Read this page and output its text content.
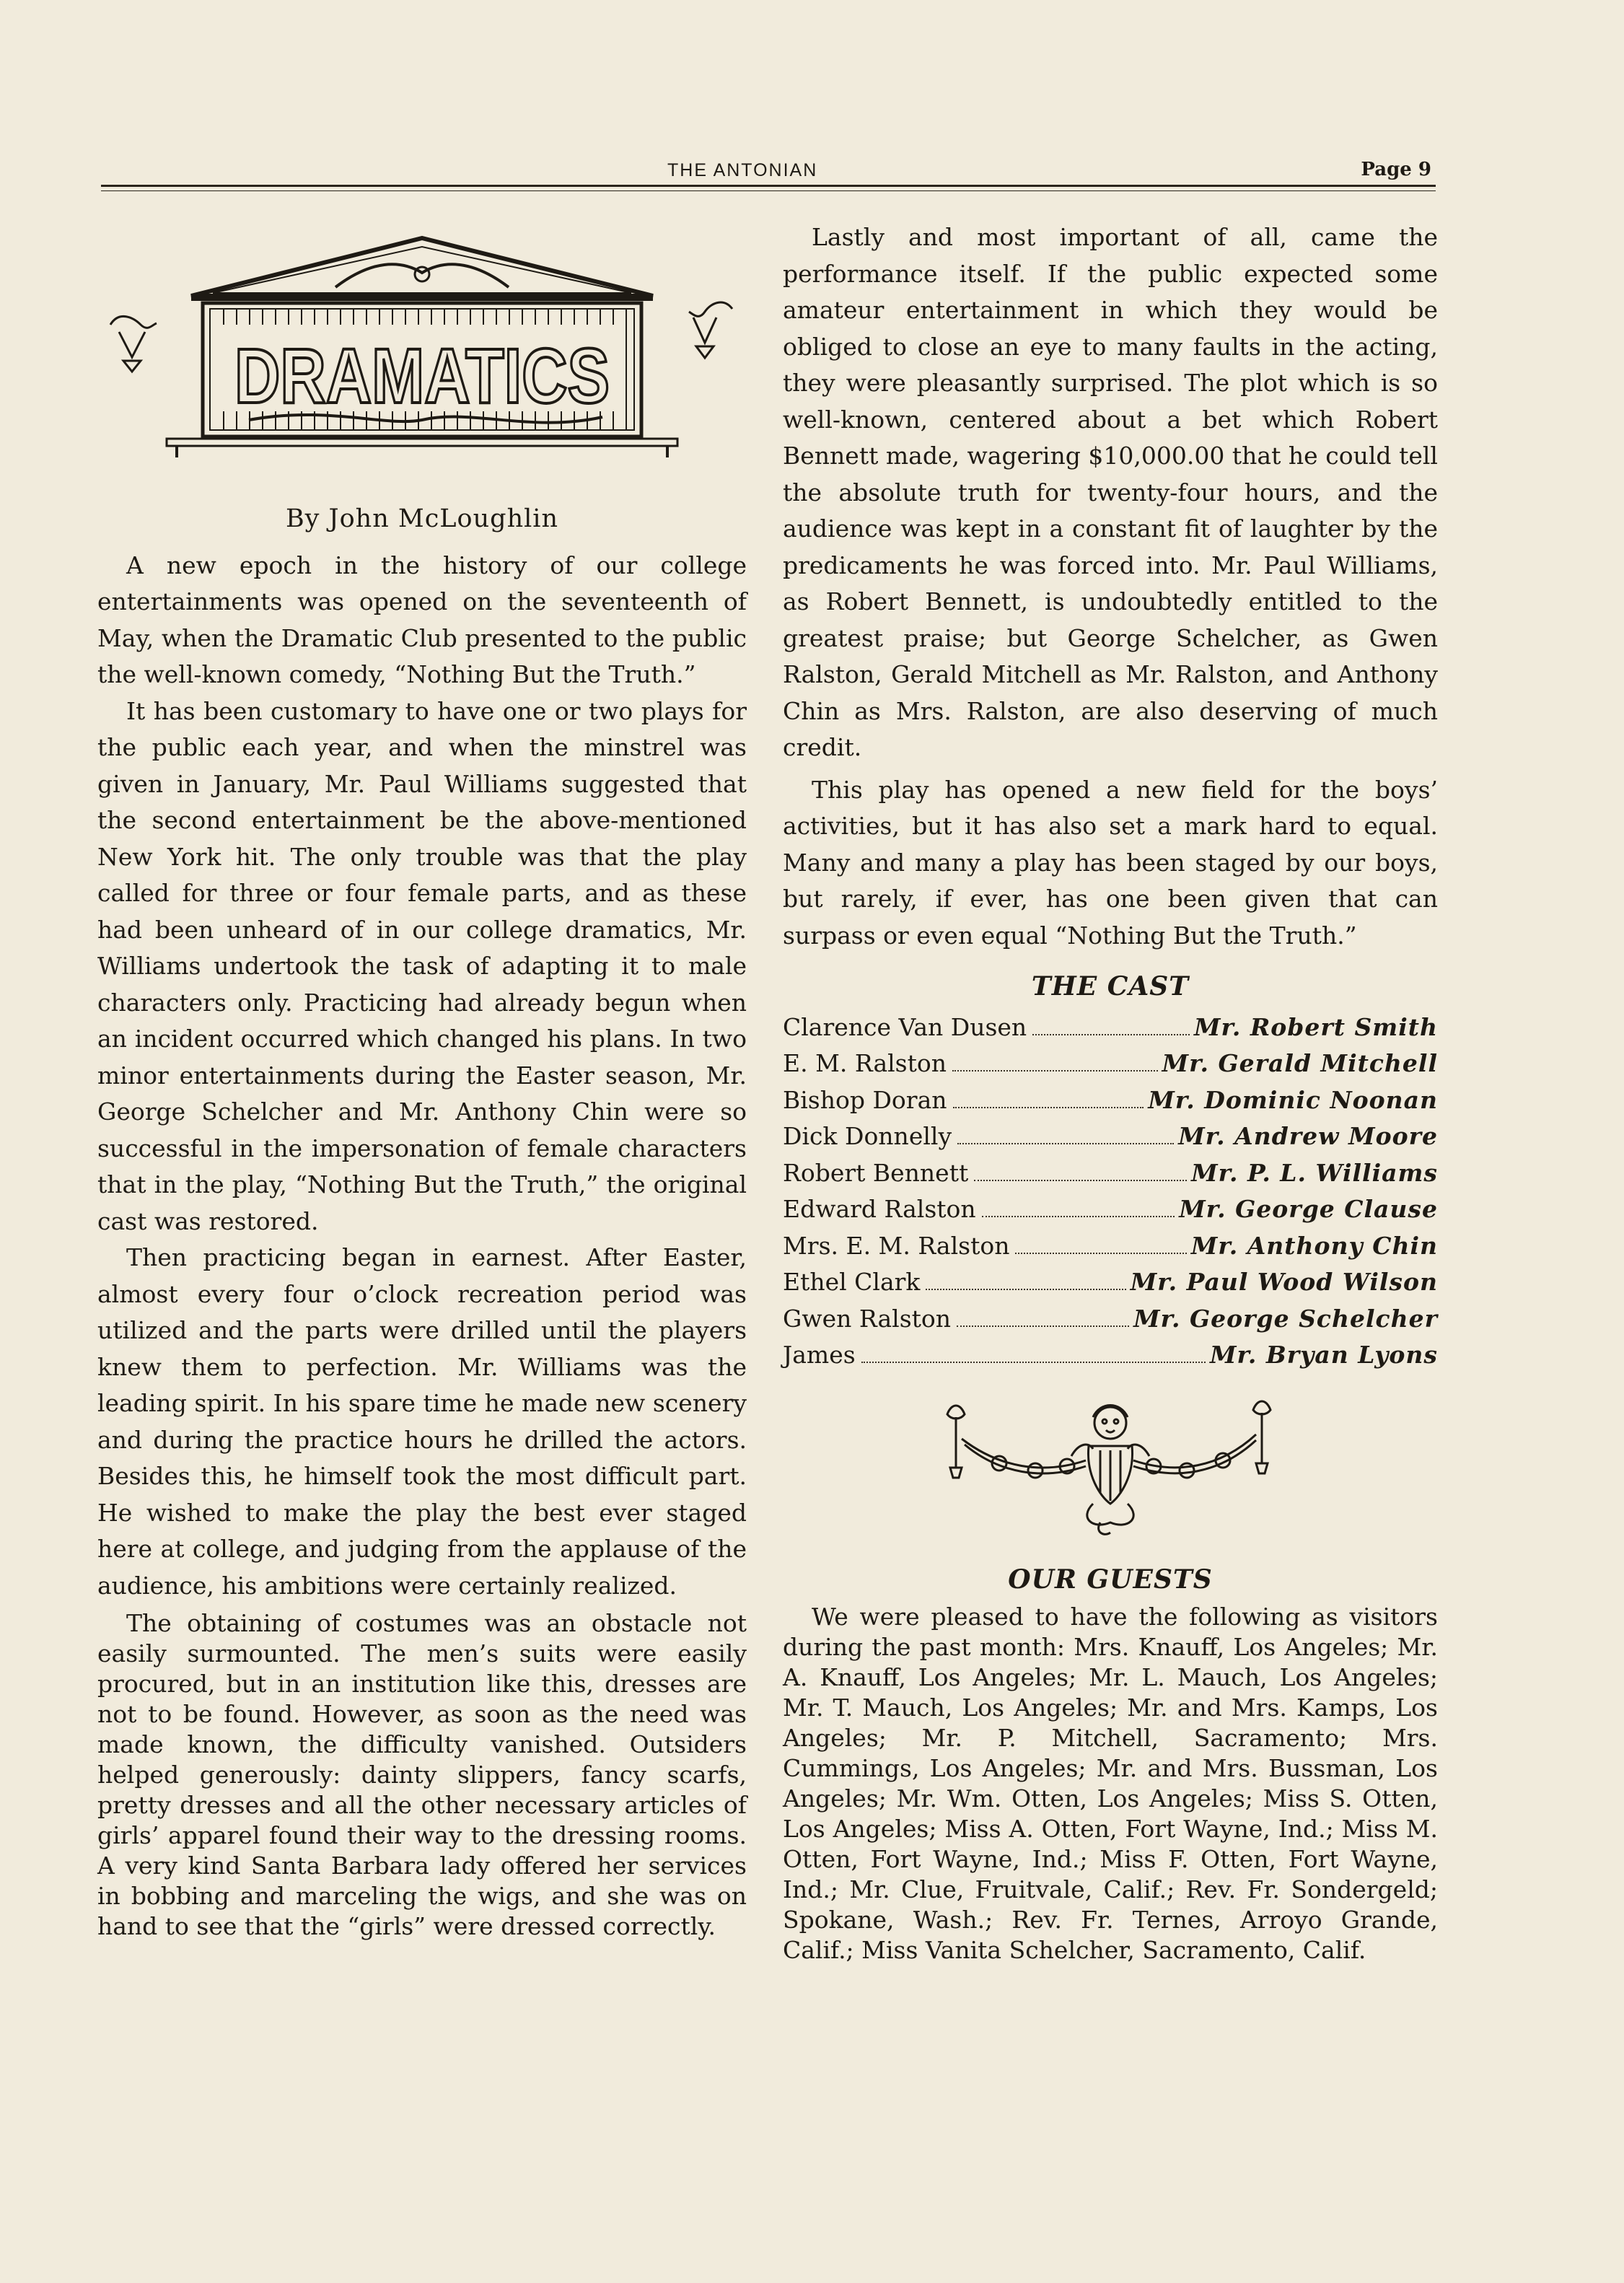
THE ANTONIAN	Page 9
DRAMATICS
By John McLoughlin

A new epoch in the history of our college entertainments was opened on the seventeenth of May, when the Dramatic Club presented to the public the well-known comedy, “Nothing But the Truth.”

It has been customary to have one or two plays for the public each year, and when the minstrel was given in January, Mr. Paul Williams suggested that the second entertainment be the above-mentioned New York hit. The only trouble was that the play called for three or four female parts, and as these had been unheard of in our college dramatics, Mr. Williams undertook the task of adapting it to male characters only. Practicing had already begun when an incident occurred which changed his plans. In two minor entertainments during the Easter season, Mr. George Schelcher and Mr. Anthony Chin were so successful in the impersonation of female characters that in the play, “Nothing But the Truth,” the original cast was restored.

Then practicing began in earnest. After Easter, almost every four o’clock recreation period was utilized and the parts were drilled until the players knew them to perfection. Mr. Williams was the leading spirit. In his spare time he made new scenery and during the practice hours he drilled the actors. Besides this, he himself took the most difficult part. He wished to make the play the best ever staged here at college, and judging from the applause of the audience, his ambitions were certainly realized.

The obtaining of costumes was an obstacle not easily surmounted. The men’s suits were easily procured, but in an institution like this, dresses are not to be found. However, as soon as the need was made known, the difficulty vanished. Outsiders helped generously: dainty slippers, fancy scarfs, pretty dresses and all the other necessary articles of girls’ apparel found their way to the dressing rooms. A very kind Santa Barbara lady offered her services in bobbing and marceling the wigs, and she was on hand to see that the “girls” were dressed correctly.

Lastly and most important of all, came the performance itself. If the public expected some amateur entertainment in which they would be obliged to close an eye to many faults in the acting, they were pleasantly surprised. The plot which is so well-known, centered about a bet which Robert Bennett made, wagering $10,000.00 that he could tell the absolute truth for twenty-four hours, and the audience was kept in a constant fit of laughter by the predicaments he was forced into. Mr. Paul Williams, as Robert Bennett, is undoubtedly entitled to the greatest praise; but George Schelcher, as Gwen Ralston, Gerald Mitchell as Mr. Ralston, and Anthony Chin as Mrs. Ralston, are also deserving of much credit.

This play has opened a new field for the boys’ activities, but it has also set a mark hard to equal. Many and many a play has been staged by our boys, but rarely, if ever, has one been given that can surpass or even equal “Nothing But the Truth.”

THE CAST
Clarence Van Dusen	Mr. Robert Smith
E. M. Ralston	Mr. Gerald Mitchell
Bishop Doran	Mr. Dominic Noonan
Dick Donnelly	Mr. Andrew Moore
Robert Bennett	Mr. P. L. Williams
Edward Ralston	Mr. George Clause
Mrs. E. M. Ralston	Mr. Anthony Chin
Ethel Clark	Mr. Paul Wood Wilson
Gwen Ralston	Mr. George Schelcher
James	Mr. Bryan Lyons
OUR GUESTS

We were pleased to have the following as visitors during the past month: Mrs. Knauff, Los Angeles; Mr. A. Knauff, Los Angeles; Mr. L. Mauch, Los Angeles; Mr. T. Mauch, Los Angeles; Mr. and Mrs. Kamps, Los Angeles; Mr. P. Mitchell, Sacramento; Mrs. Cummings, Los Angeles; Mr. and Mrs. Bussman, Los Angeles; Mr. Wm. Otten, Los Angeles; Miss S. Otten, Los Angeles; Miss A. Otten, Fort Wayne, Ind.; Miss M. Otten, Fort Wayne, Ind.; Miss F. Otten, Fort Wayne, Ind.; Mr. Clue, Fruitvale, Calif.; Rev. Fr. Sondergeld; Spokane, Wash.; Rev. Fr. Ternes, Arroyo Grande, Calif.; Miss Vanita Schelcher, Sacramento, Calif.
